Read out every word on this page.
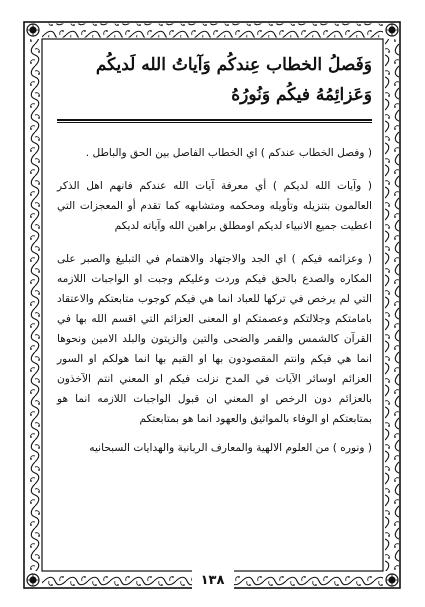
وَفَصلُ الخطاب عِندكُم وَآياتُ الله لَديكُم وَعَزائِمُهُ فيكُم وَنُورُهُ

( وفصل الخطاب عندكم ) اي الخطاب الفاصل بين الحق والباطل .

( وآيات الله لديكم ) أي معرفة آيات الله عندكم فانهم اهل الذكر العالمون بتنزيله وتأويله ومحكمه ومتشابهه كما تقدم أو المعجزات التي اعطيت جميع الانبياء لديكم اومطلق براهين الله وآياته لديكم

( وعزائمه فيكم ) اي الجد والاجتهاد والاهتمام في التبليغ والصبر على المكاره والصدع بالحق فيكم وردت وعليكم وجبت او الواجبات اللازمه التي لم يرخص في تركها للعباد انما هي فيكم كوجوب متابعتكم والاعتقاد بامامتكم وجلالتكم وعصمتكم او المعنى العزائم التي اقسم الله بها في القرآن كالشمس والقمر والضحى والتين والزيتون والبلد الامين ونحوها انما هي فيكم وانتم المقصودون بها او القيم بها انما هولكم او السور العزائم اوسائر الآيات في المدح نزلت فيكم او المعني انتم الآخذون بالعزائم دون الرخص او المعني ان قبول الواجبات اللازمه انما هو بمتابعتكم او الوفاء بالمواثيق والعهود انما هو بمتابعتكم

( ونوره ) من العلوم الالهية والمعارف الربانية والهدايات السبحانيه

١٣٨
